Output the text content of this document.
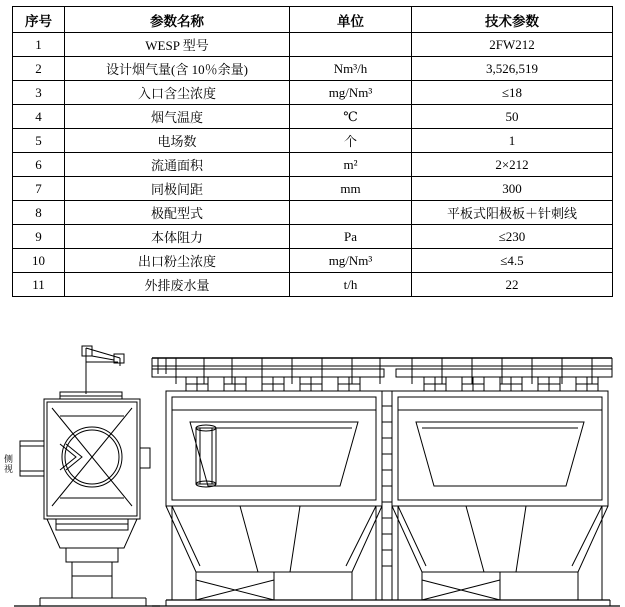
序号	参数名称	单位	技术参数
1	WESP 型号		2FW212
2	设计烟气量(含 10％余量)	Nm³/h	3,526,519
3	入口含尘浓度	mg/Nm³	≤18
4	烟气温度	℃	50
5	电场数	个	1
6	流通面积	m²	2×212
7	同极间距	mm	300
8	极配型式		平板式阳极板＋针刺线
9	本体阻力	Pa	≤230
10	出口粉尘浓度	mg/Nm³	≤4.5
11	外排废水量	t/h	22
侧视
